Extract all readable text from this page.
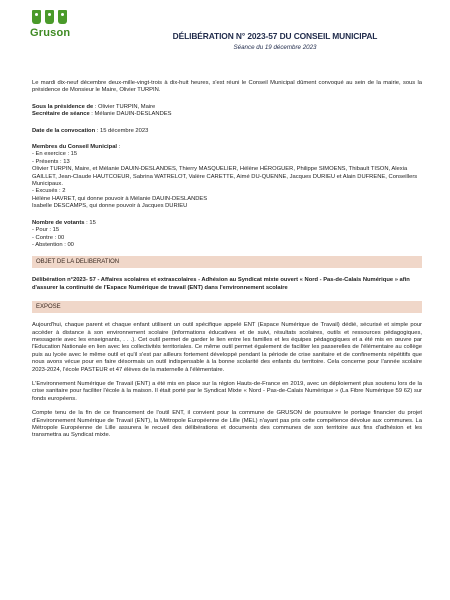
Gruson	DÉLIBÉRATION N° 2023-57 DU CONSEIL MUNICIPAL
Séance du 19 décembre 2023

Le mardi dix-neuf décembre deux-mille-vingt-trois à dix-huit heures, s'est réuni le Conseil Municipal dûment convoqué au sein de la mairie, sous la présidence de Monsieur le Maire, Olivier TURPIN.

Sous la présidence de : Olivier TURPIN, Maire

Secrétaire de séance : Mélanie DAUIN-DESLANDES

Date de la convocation : 15 décembre 2023

Membres du Conseil Municipal :

- En exercice : 15

- Présents : 13

Olivier TURPIN, Maire, et Mélanie DAUIN-DESLANDES, Thierry MASQUELIER, Hélène HÉROGUER, Philippe SIMOENS, Thibault TISON, Alexia GAILLET, Jean-Claude HAUTCOEUR, Sabrina WATRELOT, Valère CARETTE, Aimé DU-QUENNE, Jacques DURIEU et Alain DUFRENE, Conseillers Municipaux.

- Excusés : 2

Hélène HAVRET, qui donne pouvoir à Mélanie DAUIN-DESLANDES

Isabelle DESCAMPS, qui donne pouvoir à Jacques DURIEU

Nombre de votants : 15

- Pour : 15

- Contre : 00

- Abstention : 00

OBJET DE LA DELIBERATION

Délibération n°2023- 57 - Affaires scolaires et extrascolaires - Adhésion au Syndicat mixte ouvert « Nord - Pas-de-Calais Numérique » afin d'assurer la continuité de l'Espace Numérique de travail (ENT) dans l'environnement scolaire

EXPOSE

Aujourd'hui, chaque parent et chaque enfant utilisent un outil spécifique appelé ENT (Espace Numérique de Travail) dédié, sécurisé et simple pour accéder à distance à son environnement scolaire (informations éducatives et de suivi, résultats scolaires, outils et ressources pédagogiques, messagerie avec les enseignants, . . .). Cet outil permet de garder le lien entre les familles et les équipes pédagogiques et a été mis en œuvre par l'Education Nationale en lien avec les collectivités territoriales. Ce même outil permet également de faciliter les passerelles de l'élémentaire au collège puis au lycée avec le même outil et qu'il s'est par ailleurs fortement développé pendant la période de crise sanitaire et de confinements répétitifs que nous avons vécue pour en faire désormais un outil indispensable à la bonne scolarité des enfants du territoire. Cela concerne pour l'année scolaire 2023-2024, l'école PASTEUR et 47 élèves de la maternelle à l'élémentaire.

L'Environnement Numérique de Travail (ENT) a été mis en place sur la région Hauts-de-France en 2019, avec un déploiement plus soutenu lors de la crise sanitaire pour faciliter l'école à la maison. Il était porté par le Syndicat Mixte « Nord - Pas-de-Calais Numérique » (La Fibre Numérique 59 62) sur fonds européens.

Compte tenu de la fin de ce financement de l'outil ENT, il convient pour la commune de GRUSON de poursuivre le portage financier du projet d'Environnement Numérique de Travail (ENT), la Métropole Européenne de Lille (MEL) n'ayant pas pris cette compétence dévolue aux communes. La Métropole Européenne de Lille assurera le recueil des délibérations et documents des communes de son territoire aux fins d'adhésion et les transmettra au Syndicat mixte.
